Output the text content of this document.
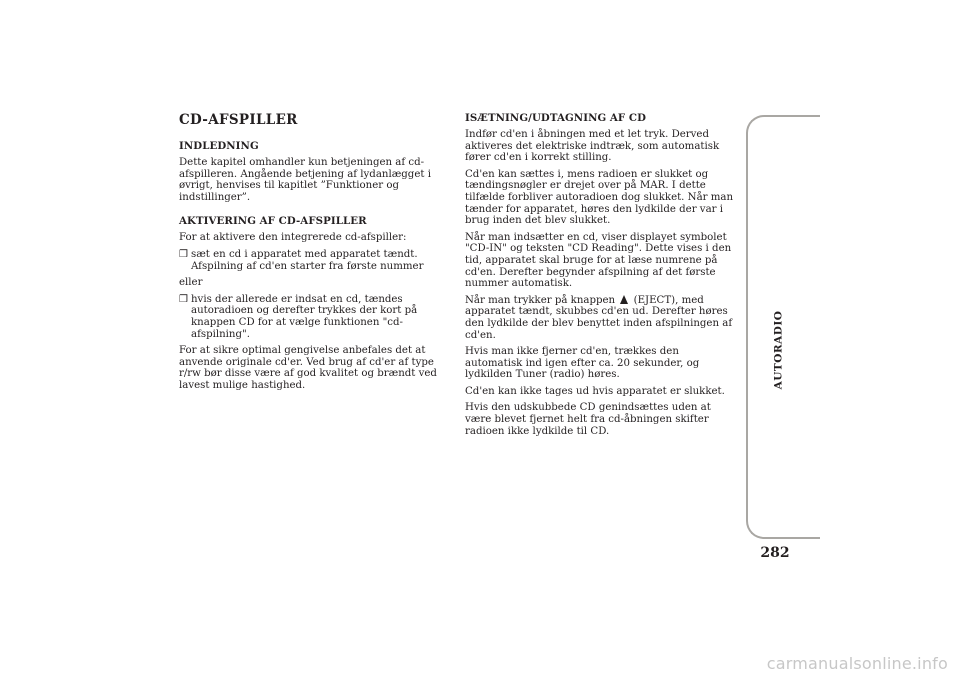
CD-AFSPILLER
INDLEDNING
Dette kapitel omhandler kun betjeningen af cd-afspilleren. Angående betjening af lydanlægget i øvrigt, henvises til kapitlet ”Funktioner og indstillinger”.
AKTIVERING AF CD-AFSPILLER
For at aktivere den integrerede cd-afspiller:
❒ sæt en cd i apparatet med apparatet tændt. Afspilning af cd'en starter fra første nummer
eller
❒ hvis der allerede er indsat en cd, tændes autoradioen og derefter trykkes der kort på knappen CD for at vælge funktionen "cd-afspilning".
For at sikre optimal gengivelse anbefales det at anvende originale cd'er. Ved brug af cd'er af type r/rw bør disse være af god kvalitet og brændt ved lavest mulige hastighed.
ISÆTNING/UDTAGNING AF CD
Indfør cd'en i åbningen med et let tryk. Derved aktiveres det elektriske indtræk, som automatisk fører cd'en i korrekt stilling.
Cd'en kan sættes i, mens radioen er slukket og tændingsnøgler er drejet over på MAR. I dette tilfælde forbliver autoradioen dog slukket. Når man tænder for apparatet, høres den lydkilde der var i brug inden det blev slukket.
Når man indsætter en cd, viser displayet symbolet "CD-IN" og teksten "CD Reading". Dette vises i den tid, apparatet skal bruge for at læse numrene på cd'en. Derefter begynder afspilning af det første nummer automatisk.
Når man trykker på knappen (EJECT), med apparatet tændt, skubbes cd'en ud. Derefter høres den lydkilde der blev benyttet inden afspilningen af cd'en.
Hvis man ikke fjerner cd'en, trækkes den automatisk ind igen efter ca. 20 sekunder, og lydkilden Tuner (radio) høres.
Cd'en kan ikke tages ud hvis apparatet er slukket.
Hvis den udskubbede CD genindsættes uden at være blevet fjernet helt fra cd-åbningen skifter radioen ikke lydkilde til CD.
AUTORADIO
282
carmanualsonline.info
